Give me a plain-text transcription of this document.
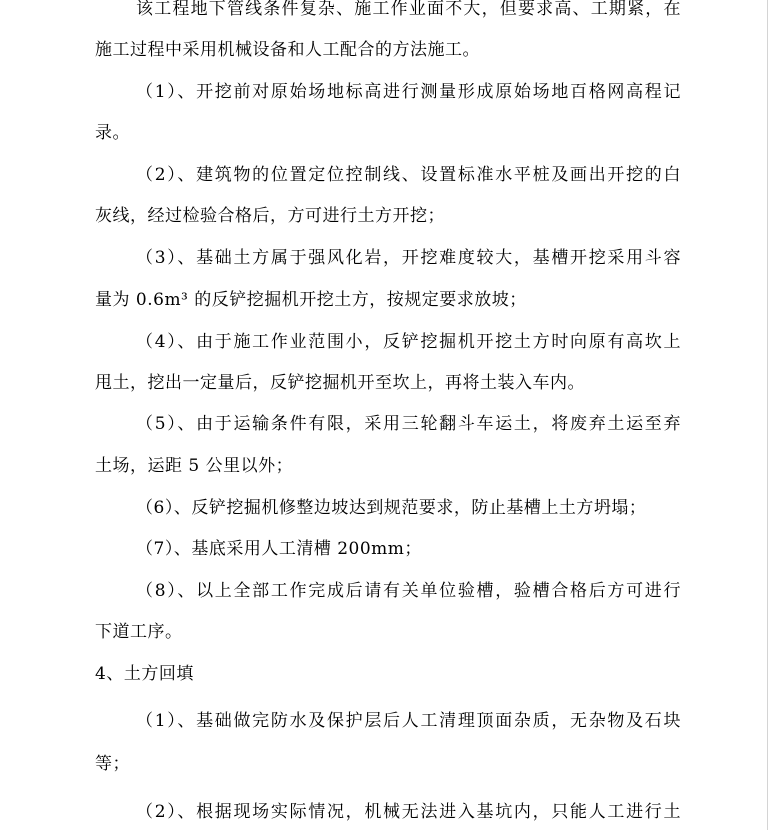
该工程地下管线条件复杂、施工作业面不大，但要求高、工期紧，在
施工过程中采用机械设备和人工配合的方法施工。
（1）、开挖前对原始场地标高进行测量形成原始场地百格网高程记
录。
（2）、建筑物的位置定位控制线、设置标准水平桩及画出开挖的白
灰线，经过检验合格后，方可进行土方开挖；
（3）、基础土方属于强风化岩，开挖难度较大，基槽开挖采用斗容
量为 0.6m³ 的反铲挖掘机开挖土方，按规定要求放坡；
（4）、由于施工作业范围小，反铲挖掘机开挖土方时向原有高坎上
甩土，挖出一定量后，反铲挖掘机开至坎上，再将土装入车内。
（5）、由于运输条件有限，采用三轮翻斗车运土，将废弃土运至弃
土场，运距 5 公里以外；
（6）、反铲挖掘机修整边坡达到规范要求，防止基槽上土方坍塌；
（7）、基底采用人工清槽 200mm；
（8）、以上全部工作完成后请有关单位验槽，验槽合格后方可进行
下道工序。
4、土方回填
（1）、基础做完防水及保护层后人工清理顶面杂质，无杂物及石块
等；
（2）、根据现场实际情况，机械无法进入基坑内，只能人工进行土
